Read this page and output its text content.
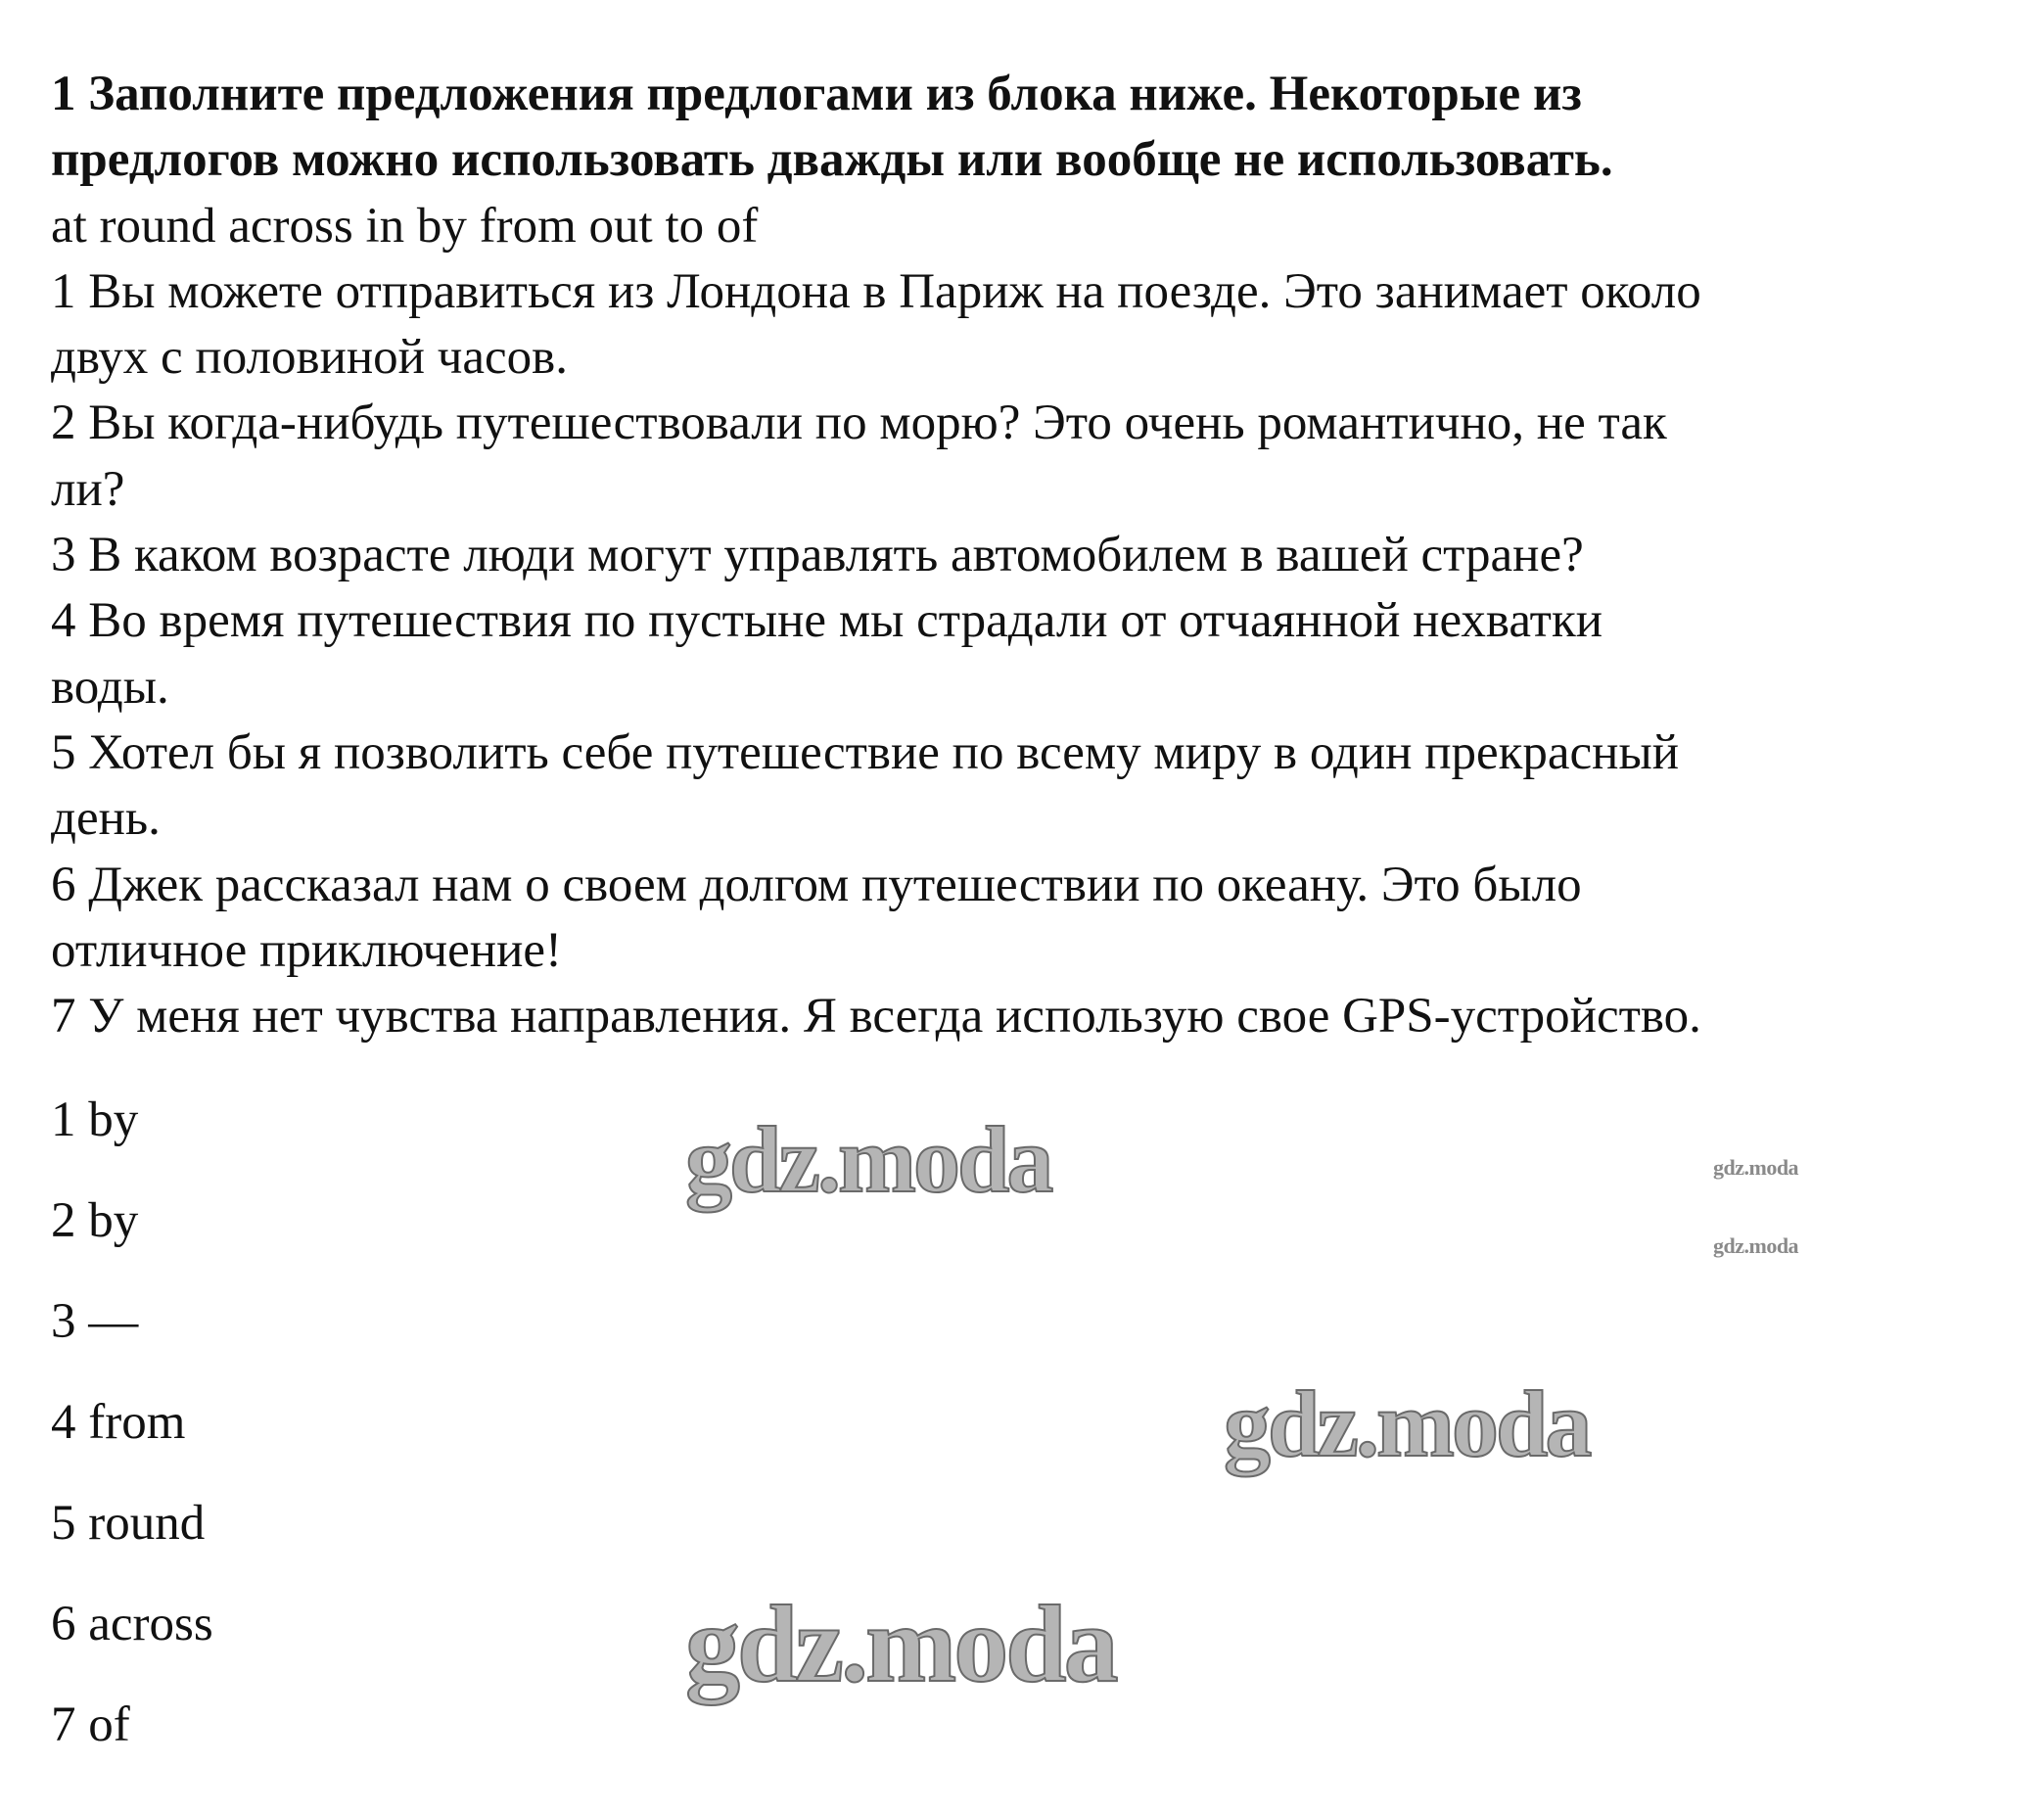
1 Заполните предложения предлогами из блока ниже. Некоторые из
предлогов можно использовать дважды или вообще не использовать.
at round across in by from out to of
1 Вы можете отправиться из Лондона в Париж на поезде. Это занимает около
двух с половиной часов.
2 Вы когда-нибудь путешествовали по морю? Это очень романтично, не так
ли?
3 В каком возрасте люди могут управлять автомобилем в вашей стране?
4 Во время путешествия по пустыне мы страдали от отчаянной нехватки
воды.
5 Хотел бы я позволить себе путешествие по всему миру в один прекрасный
день.
6 Джек рассказал нам о своем долгом путешествии по океану. Это было
отличное приключение!
7 У меня нет чувства направления. Я всегда использую свое GPS-устройство.
1 by
2 by
3 —
4 from
5 round
6 across
7 of
gdz.moda
gdz.moda
gdz.moda
gdz.moda
gdz.moda
